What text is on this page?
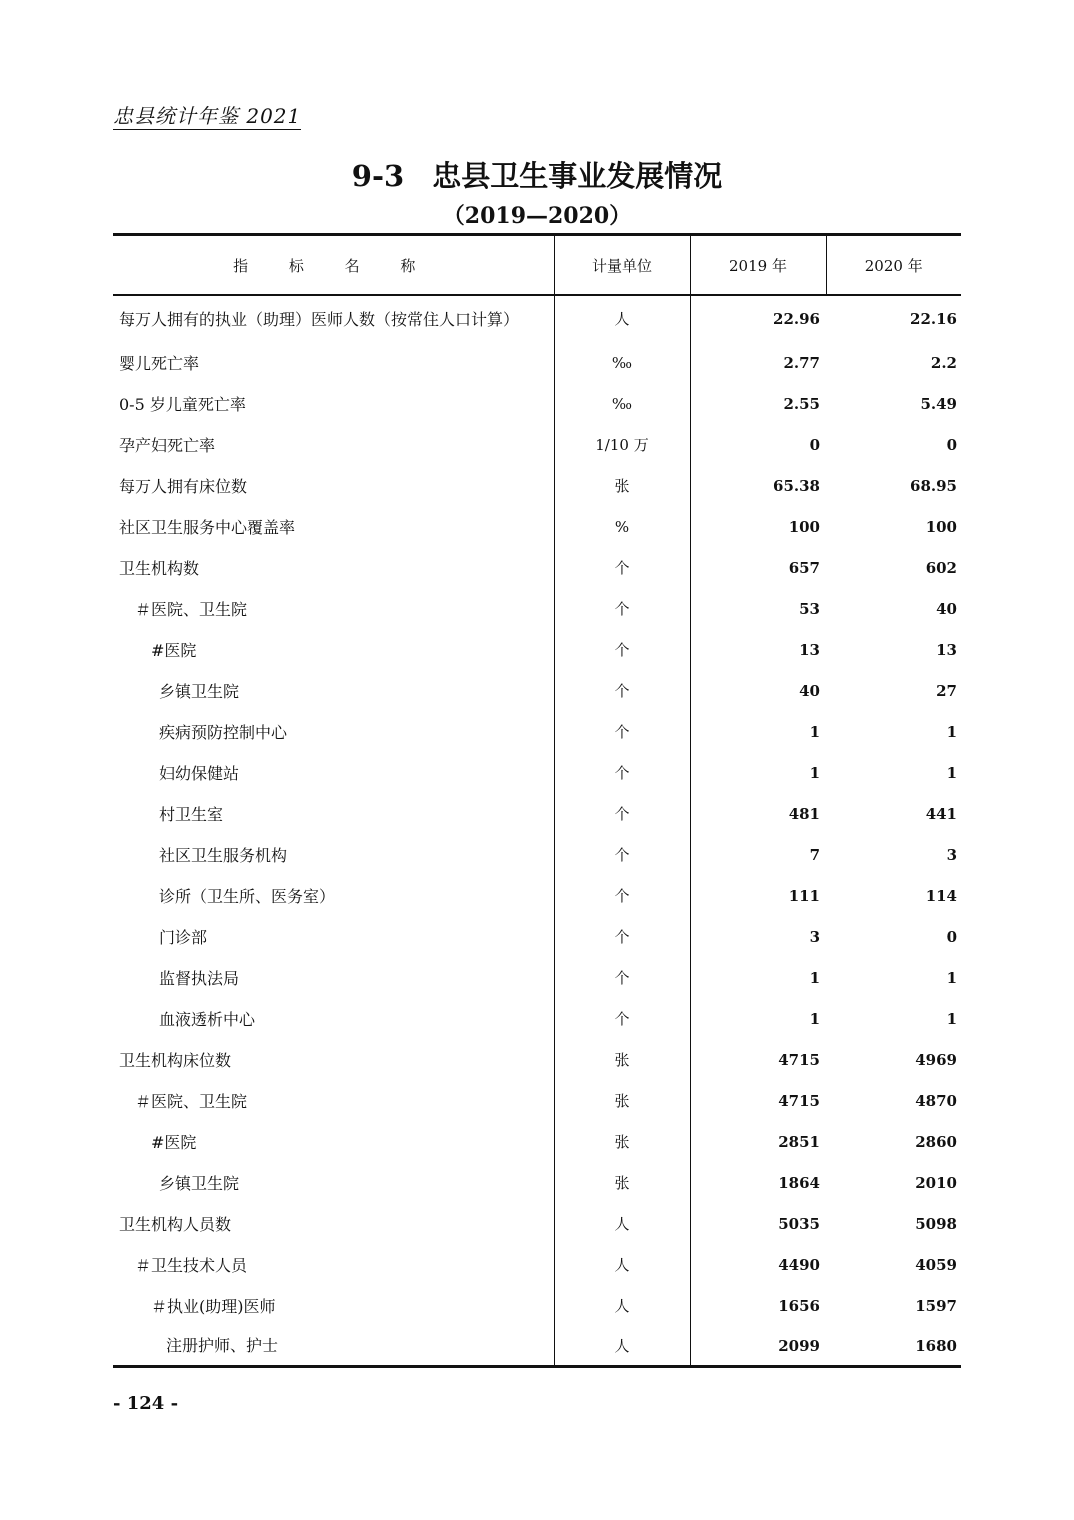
忠县统计年鉴 2021
9-3 忠县卫生事业发展情况
（2019—2020）
指 标 名 称	计量单位	2019 年	2020 年
每万人拥有的执业（助理）医师人数（按常住人口计算）	人	22.96	22.16
婴儿死亡率	‰	2.77	2.2
0-5 岁儿童死亡率	‰	2.55	5.49
孕产妇死亡率	1/10 万	0	0
每万人拥有床位数	张	65.38	68.95
社区卫生服务中心覆盖率	%	100	100
卫生机构数	个	657	602
＃医院、卫生院	个	53	40
#医院	个	13	13
乡镇卫生院	个	40	27
疾病预防控制中心	个	1	1
妇幼保健站	个	1	1
村卫生室	个	481	441
社区卫生服务机构	个	7	3
诊所（卫生所、医务室）	个	111	114
门诊部	个	3	0
监督执法局	个	1	1
血液透析中心	个	1	1
卫生机构床位数	张	4715	4969
＃医院、卫生院	张	4715	4870
#医院	张	2851	2860
乡镇卫生院	张	1864	2010
卫生机构人员数	人	5035	5098
＃卫生技术人员	人	4490	4059
＃执业(助理)医师	人	1656	1597
注册护师、护士	人	2099	1680
- 124 -
